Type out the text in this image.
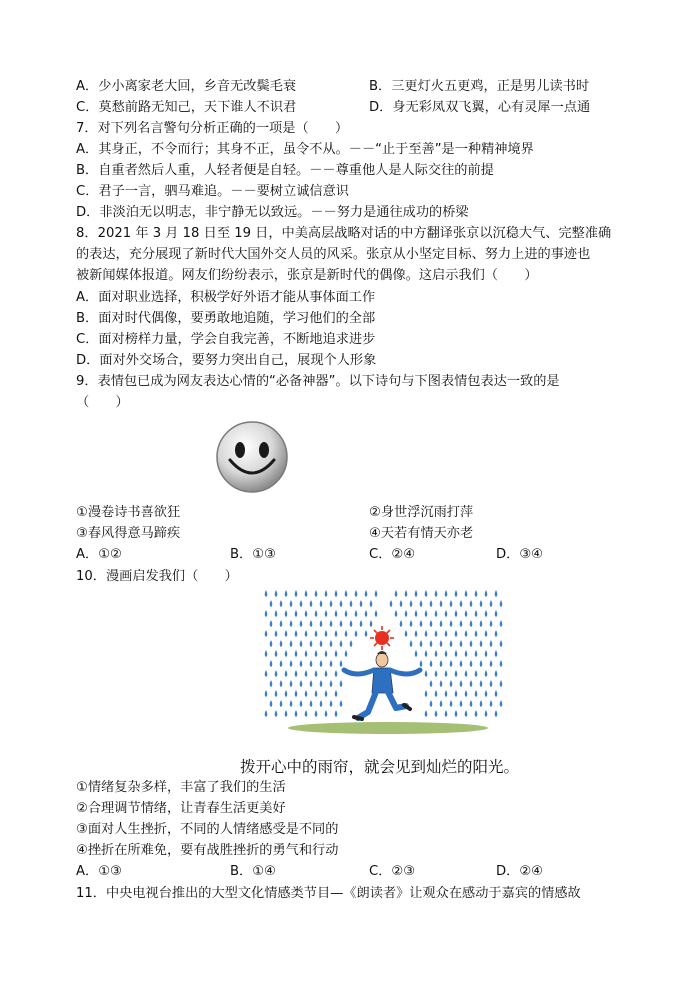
A．少小离家老大回，乡音无改鬓毛衰	B．三更灯火五更鸡，正是男儿读书时
C．莫愁前路无知己，天下谁人不识君	D．身无彩凤双飞翼，心有灵犀一点通
7．对下列名言警句分析正确的一项是（　　）
A．其身正，不令而行；其身不正，虽令不从。－－“止于至善”是一种精神境界
B．自重者然后人重，人轻者便是自轻。－－尊重他人是人际交往的前提
C．君子一言，驷马难追。－－要树立诚信意识
D．非淡泊无以明志，非宁静无以致远。－－努力是通往成功的桥梁
8．2021 年 3 月 18 日至 19 日，中美高层战略对话的中方翻译张京以沉稳大气、完整准确
的表达，充分展现了新时代大国外交人员的风采。张京从小坚定目标、努力上进的事迹也
被新闻媒体报道。网友们纷纷表示，张京是新时代的偶像。这启示我们（　　）
A．面对职业选择，积极学好外语才能从事体面工作
B．面对时代偶像，要勇敢地追随，学习他们的全部
C．面对榜样力量，学会自我完善，不断地追求进步
D．面对外交场合，要努力突出自己，展现个人形象
9．表情包已成为网友表达心情的“必备神器”。以下诗句与下图表情包表达一致的是
（　　）
①漫卷诗书喜欲狂	②身世浮沉雨打萍
③春风得意马蹄疾	④天若有情天亦老
A．①②	B．①③	C．②④	D．③④
10．漫画启发我们（　　）
拨开心中的雨帘，就会见到灿烂的阳光。
①情绪复杂多样，丰富了我们的生活
②合理调节情绪，让青春生活更美好
③面对人生挫折，不同的人情绪感受是不同的
④挫折在所难免，要有战胜挫折的勇气和行动
A．①③	B．①④	C．②③	D．②④
11．中央电视台推出的大型文化情感类节目—《朗读者》让观众在感动于嘉宾的情感故
